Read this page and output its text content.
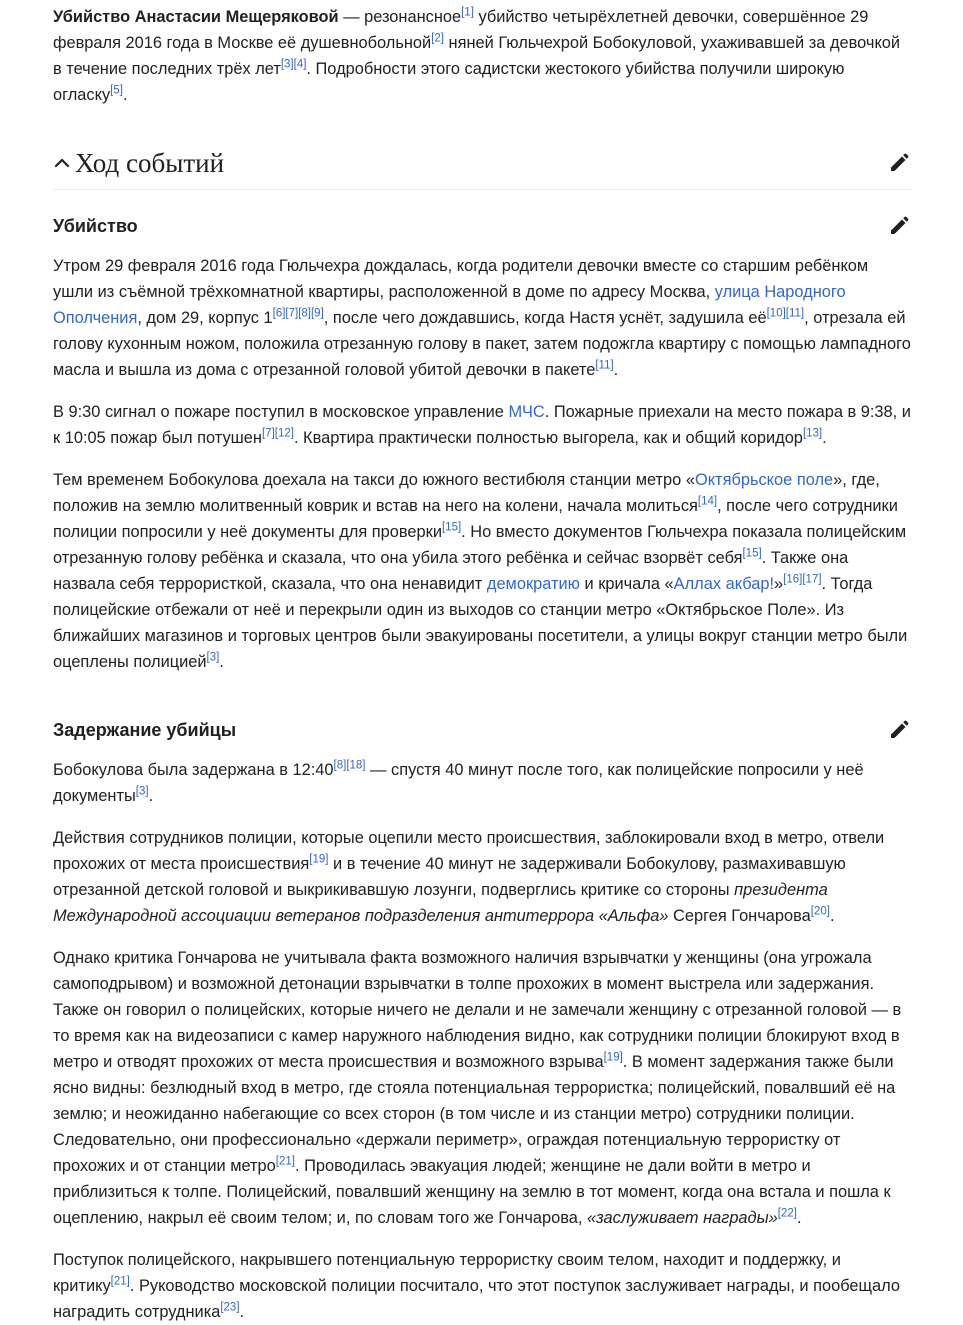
Убийство Анастасии Мещеряковой — резонансное[1] убийство четырёхлетней девочки, совершённое 29 февраля 2016 года в Москве её душевнобольной[2] няней Гюльчехрой Бобокуловой, ухаживавшей за девочкой в течение последних трёх лет[3][4]. Подробности этого садистски жестокого убийства получили широкую огласку[5].

Ход событий
Убийство

Утром 29 февраля 2016 года Гюльчехра дождалась, когда родители девочки вместе со старшим ребёнком ушли из съёмной трёхкомнатной квартиры, расположенной в доме по адресу Москва, улица Народного Ополчения, дом 29, корпус 1[6][7][8][9], после чего дождавшись, когда Настя уснёт, задушила её[10][11], отрезала ей голову кухонным ножом, положила отрезанную голову в пакет, затем подожгла квартиру с помощью лампадного масла и вышла из дома с отрезанной головой убитой девочки в пакете[11].

В 9:30 сигнал о пожаре поступил в московское управление МЧС. Пожарные приехали на место пожара в 9:38, и к 10:05 пожар был потушен[7][12]. Квартира практически полностью выгорела, как и общий коридор[13].

Тем временем Бобокулова доехала на такси до южного вестибюля станции метро «Октябрьское поле», где, положив на землю молитвенный коврик и встав на него на колени, начала молиться[14], после чего сотрудники полиции попросили у неё документы для проверки[15]. Но вместо документов Гюльчехра показала полицейским отрезанную голову ребёнка и сказала, что она убила этого ребёнка и сейчас взорвёт себя[15]. Также она назвала себя террористкой, сказала, что она ненавидит демократию и кричала «Аллах акбар!»[16][17]. Тогда полицейские отбежали от неё и перекрыли один из выходов со станции метро «Октябрьское Поле». Из ближайших магазинов и торговых центров были эвакуированы посетители, а улицы вокруг станции метро были оцеплены полицией[3].

Задержание убийцы

Бобокулова была задержана в 12:40[8][18] — спустя 40 минут после того, как полицейские попросили у неё документы[3].

Действия сотрудников полиции, которые оцепили место происшествия, заблокировали вход в метро, отвели прохожих от места происшествия[19] и в течение 40 минут не задерживали Бобокулову, размахивавшую отрезанной детской головой и выкрикивавшую лозунги, подверглись критике со стороны президента Международной ассоциации ветеранов подразделения антитеррора «Альфа» Сергея Гончарова[20].

Однако критика Гончарова не учитывала факта возможного наличия взрывчатки у женщины (она угрожала самоподрывом) и возможной детонации взрывчатки в толпе прохожих в момент выстрела или задержания. Также он говорил о полицейских, которые ничего не делали и не замечали женщину с отрезанной головой — в то время как на видеозаписи с камер наружного наблюдения видно, как сотрудники полиции блокируют вход в метро и отводят прохожих от места происшествия и возможного взрыва[19]. В момент задержания также были ясно видны: безлюдный вход в метро, где стояла потенциальная террористка; полицейский, повалвший её на землю; и неожиданно набегающие со всех сторон (в том числе и из станции метро) сотрудники полиции. Следовательно, они профессионально «держали периметр», ограждая потенциальную террористку от прохожих и от станции метро[21]. Проводилась эвакуация людей; женщине не дали войти в метро и приблизиться к толпе. Полицейский, повалвший женщину на землю в тот момент, когда она встала и пошла к оцеплению, накрыл её своим телом; и, по словам того же Гончарова, «заслуживает награды»[22].

Поступок полицейского, накрывшего потенциальную террористку своим телом, находит и поддержку, и критику[21]. Руководство московской полиции посчитало, что этот поступок заслуживает награды, и пообещало наградить сотрудника[23].
